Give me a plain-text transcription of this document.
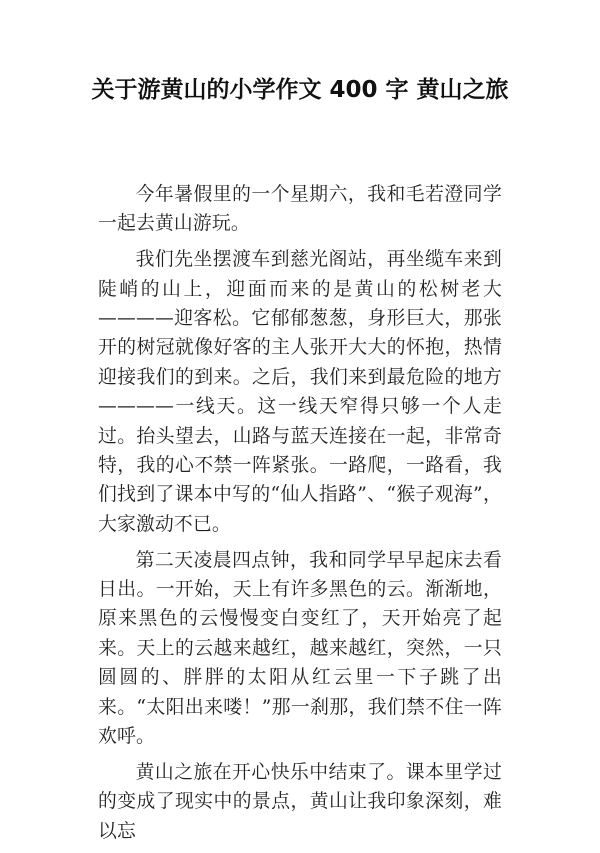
关于游黄山的小学作文 400 字 黄山之旅

今年暑假里的一个星期六，我和毛若澄同学一起去黄山游玩。

我们先坐摆渡车到慈光阁站，再坐缆车来到陡峭的山上，迎面而来的是黄山的松树老大————迎客松。它郁郁葱葱，身形巨大，那张开的树冠就像好客的主人张开大大的怀抱，热情迎接我们的到来。之后，我们来到最危险的地方————一线天。这一线天窄得只够一个人走过。抬头望去，山路与蓝天连接在一起，非常奇特，我的心不禁一阵紧张。一路爬，一路看，我们找到了课本中写的“仙人指路”、“猴子观海”，大家激动不已。

第二天凌晨四点钟，我和同学早早起床去看日出。一开始，天上有许多黑色的云。渐渐地，原来黑色的云慢慢变白变红了，天开始亮了起来。天上的云越来越红，越来越红，突然，一只圆圆的、胖胖的太阳从红云里一下子跳了出来。“太阳出来喽！”那一刹那，我们禁不住一阵欢呼。

黄山之旅在开心快乐中结束了。课本里学过的变成了现实中的景点，黄山让我印象深刻，难以忘
